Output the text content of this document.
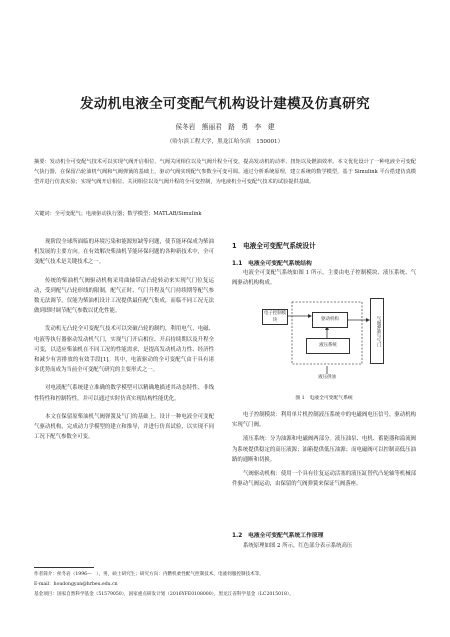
发动机电液全可变配气机构设计建模及仿真研究
侯冬岩　熊丽君　路　勇　李　建
（哈尔滨工程大学，黑龙江哈尔滨　150001）
摘要：发动机全可变配气技术可以实现气阀开启相位、气阀关闭相位以及气阀升程全可变，提高发动机的动率、扭矩以及燃油效率。本文优化设计了一种电液全可变配气执行器，在保留凸轮油机气阀和气阀弹簧的基础上，驱动气阀实现配气参数全可变可调。通过分析系统原理，建立系统的数学模型，基于 Simulink 平台搭建仿真模型并进行仿真实验；实现气阀开启相位、关闭相位以及气阀升程的全可变控制，为电液机全可变配气技术的试验提供基础。
关键词：全可变配气；电液驱动执行器；数学模型；MATLAB/Simulink

现阶段全球所面临的环境污染和能源短缺等问题，使节能环保成为柴油机发展的主要方向。在有效解决柴油机节能环保问题的各种新技术中，全可变配气技术是关键技术之一。

传统的柴油机气阀驱动机构采用曲轴带动凸轮转动来实现气门位复运动，受到配气凸轮形线的限制，配气正时、气门升程及气门持续期等配气参数无法调节，仅能为柴油机设计工况提供最佳配气集成，而临不同工况无法做到即时调节配气参数以优化性能。

发动机无凸轮全可变配气技术可以突破凸轮的制约，利用电气、电磁、电液等执行器驱动发动机气门，实现气门开启相位、开启持续期以及升程全可变，以适应柴油机在不同工况的性能需求，是提高发动机动力性、经济性和减少有害排放的有效手段[1]。其中，电液驱动的全可变配气由于具有诸多优势而成为当前全可变配气研究的主要形式之一。

对电液配气系统建立准确的数学模型可以精确地描述其动态特性、非线性特性和控制特性，并可以通过实时仿真实现结构性能优化。

本文在保留原柴油机气阀弹簧及气门的基础上，设计一种电液全可变配气驱动机构，完成动力学模型的建立和推导，并进行仿真试验，以实现不同工况下配气参数全可变。

1　电液全可变配气系统设计
1.1　电液全可变配气系统结构

电液全可变配气系统如图 1 所示，主要由电子控制模块、液压系统、气阀驱动机构构成。

电子控制模块	驱动机构
液压系统	气阀弹簧与气门
液压供油
图 1　电液全可变配气系统

电子控制模块：利用单片机控制液压系统中的电磁阀电压信号，驱动机构实现气门阀。

液压系统：分为油源和电磁阀两部分。液压油泵、电机、蓄能器和溢流阀为系统提供稳定的高压液源；油箱提供低压油源；而电磁阀可以控制高低压油路的通断和切换。

气阀驱动机构：使用一个具有往复运动活塞的液压缸替代凸轮轴等机械部件驱动气阀运动，由保留的气阀弹簧来保证气阀落座。

1.2　电液全可变配气系统工作原理

系统原理如图 2 所示，红色部分表示系统高压

作者简介：侯冬岩（1996—　），男，硕士研究生；研究方向：内燃机柔性配气控制技术、电液伺服控制技术等。
E-mail：houdongyan@hrbeu.edu.cn
基金项目：国家自然科学基金（51579050），国家重点研发计划（2016YFE0108000），黑龙江省科学基金（LC2015018）。
